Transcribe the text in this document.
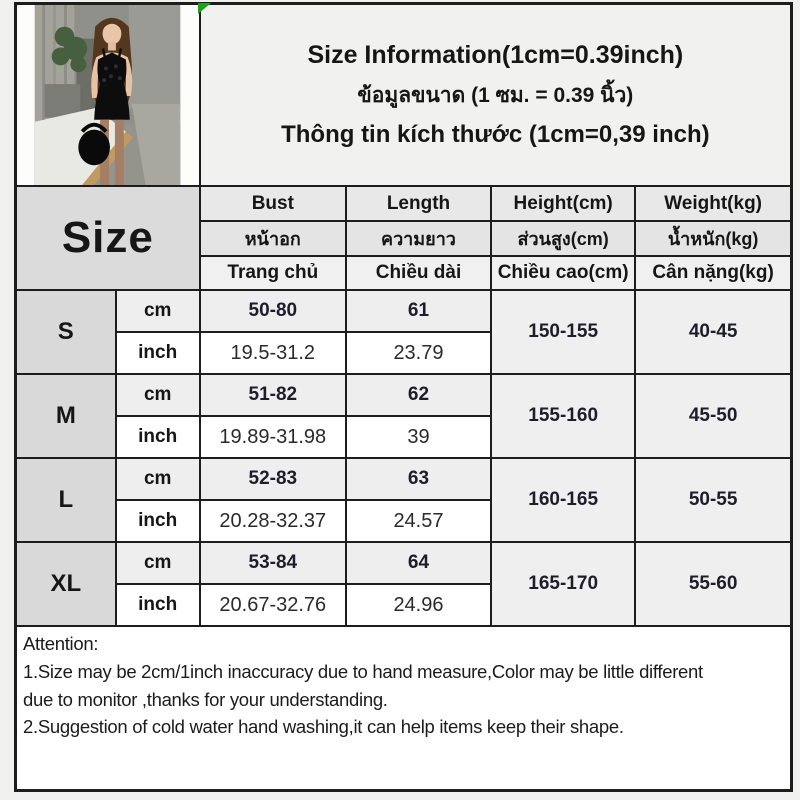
Size Information(1cm=0.39inch)
ข้อมูลขนาด (1 ซม. = 0.39 นิ้ว)
Thông tin kích thước (1cm=0,39 inch)			

Size		Bust	Length	Height(cm)	Weight(kg)
		หน้าอก	ความยาว	ส่วนสูง(cm)	น้ำหนัก(kg)
		Trang chủ	Chiều dài	Chiều cao(cm)	Cân nặng(kg)
S	cm	50-80	61	150-155	40-45
	inch	19.5-31.2	23.79		
M	cm	51-82	62	155-160	45-50
	inch	19.89-31.98	39		
L	cm	52-83	63	160-165	50-55
	inch	20.28-32.37	24.57		
XL	cm	53-84	64	165-170	55-60
	inch	20.67-32.76	24.96		

Attention:
1.Size may be 2cm/1inch inaccuracy due to hand measure,Color may be little different
due to monitor ,thanks for your understanding.
2.Suggestion of cold water hand washing,it can help items keep their shape.					
